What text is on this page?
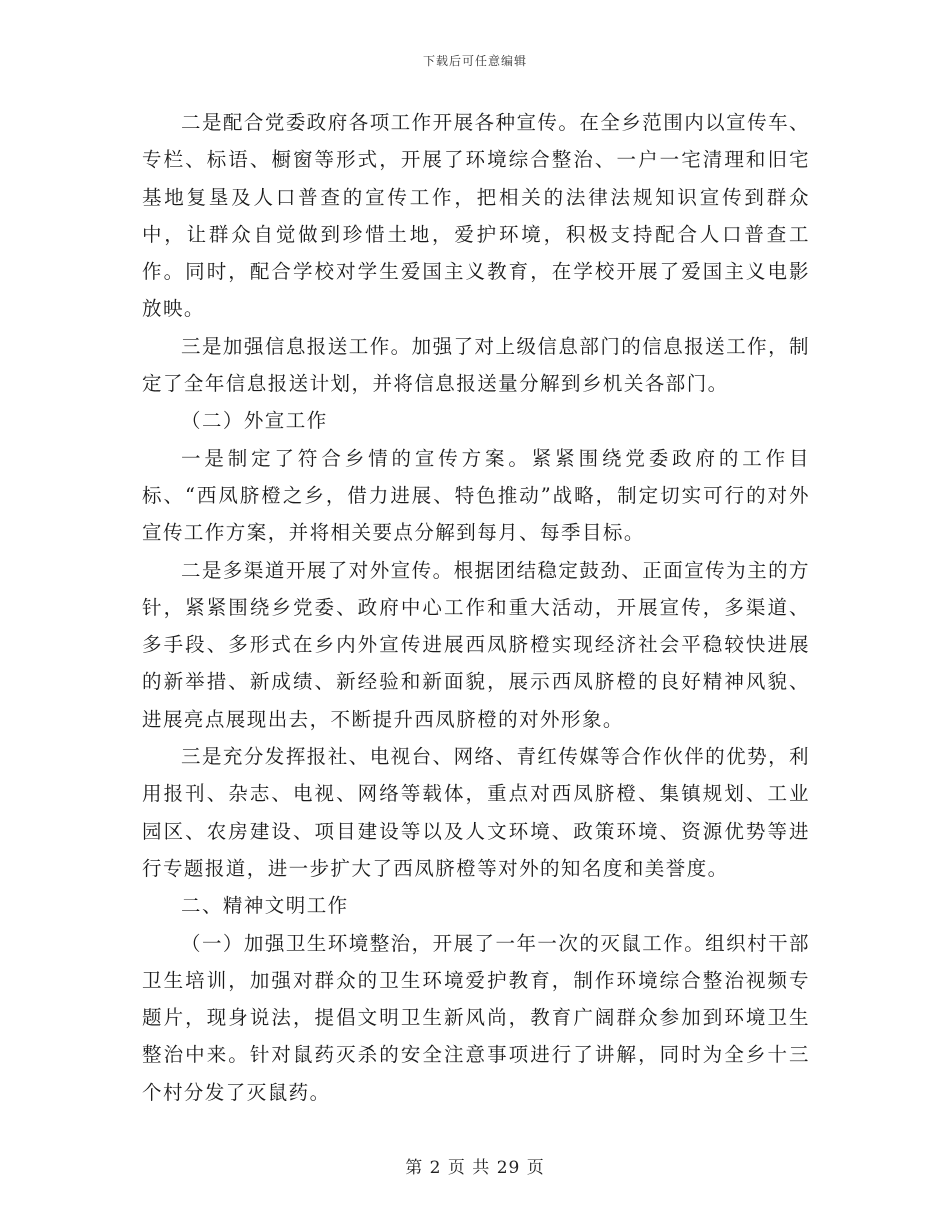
下载后可任意编辑

二是配合党委政府各项工作开展各种宣传。在全乡范围内以宣传车、专栏、标语、橱窗等形式，开展了环境综合整治、一户一宅清理和旧宅基地复垦及人口普查的宣传工作，把相关的法律法规知识宣传到群众中，让群众自觉做到珍惜土地，爱护环境，积极支持配合人口普查工作。同时，配合学校对学生爱国主义教育，在学校开展了爱国主义电影放映。

三是加强信息报送工作。加强了对上级信息部门的信息报送工作，制定了全年信息报送计划，并将信息报送量分解到乡机关各部门。

（二）外宣工作

一是制定了符合乡情的宣传方案。紧紧围绕党委政府的工作目标、“西凤脐橙之乡，借力进展、特色推动”战略，制定切实可行的对外宣传工作方案，并将相关要点分解到每月、每季目标。

二是多渠道开展了对外宣传。根据团结稳定鼓劲、正面宣传为主的方针，紧紧围绕乡党委、政府中心工作和重大活动，开展宣传，多渠道、多手段、多形式在乡内外宣传进展西凤脐橙实现经济社会平稳较快进展的新举措、新成绩、新经验和新面貌，展示西凤脐橙的良好精神风貌、进展亮点展现出去，不断提升西凤脐橙的对外形象。

三是充分发挥报社、电视台、网络、青红传媒等合作伙伴的优势，利用报刊、杂志、电视、网络等载体，重点对西凤脐橙、集镇规划、工业园区、农房建设、项目建设等以及人文环境、政策环境、资源优势等进行专题报道，进一步扩大了西凤脐橙等对外的知名度和美誉度。

二、精神文明工作

（一）加强卫生环境整治，开展了一年一次的灭鼠工作。组织村干部卫生培训，加强对群众的卫生环境爱护教育，制作环境综合整治视频专题片，现身说法，提倡文明卫生新风尚，教育广阔群众参加到环境卫生整治中来。针对鼠药灭杀的安全注意事项进行了讲解，同时为全乡十三个村分发了灭鼠药。

第 2 页 共 29 页
